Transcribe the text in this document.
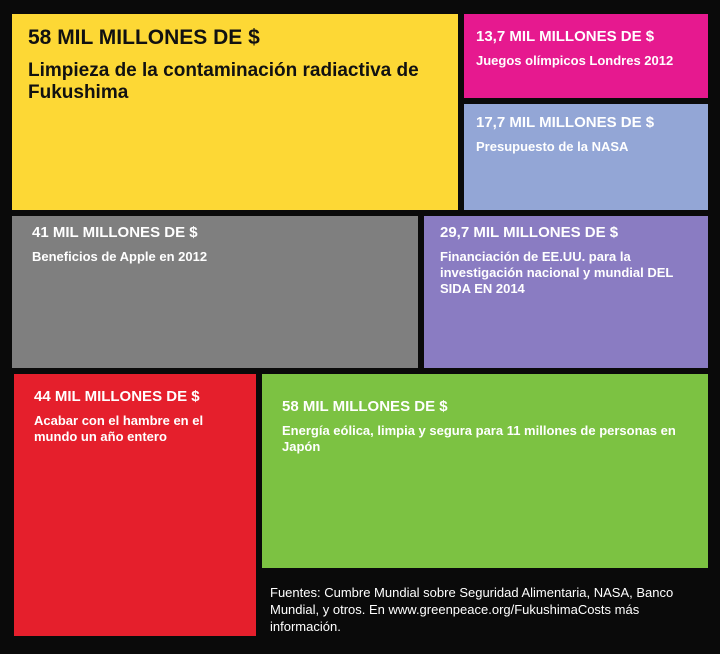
58 MIL MILLONES DE $
Limpieza de la contaminación radiactiva de Fukushima
13,7 MIL MILLONES DE $
Juegos olímpicos Londres 2012
17,7 MIL MILLONES DE $
Presupuesto de la NASA
41 MIL MILLONES DE $
Beneficios de Apple en 2012
29,7 MIL MILLONES DE $
Financiación de EE.UU. para la investigación nacional y mundial DEL SIDA EN 2014
44 MIL MILLONES DE $
Acabar con el hambre en el mundo un año entero
58 MIL MILLONES DE $
Energía eólica, limpia y segura para 11 millones de personas en Japón
Fuentes: Cumbre Mundial sobre Seguridad Alimentaria, NASA, Banco Mundial, y otros. En www.greenpeace.org/FukushimaCosts más información.
